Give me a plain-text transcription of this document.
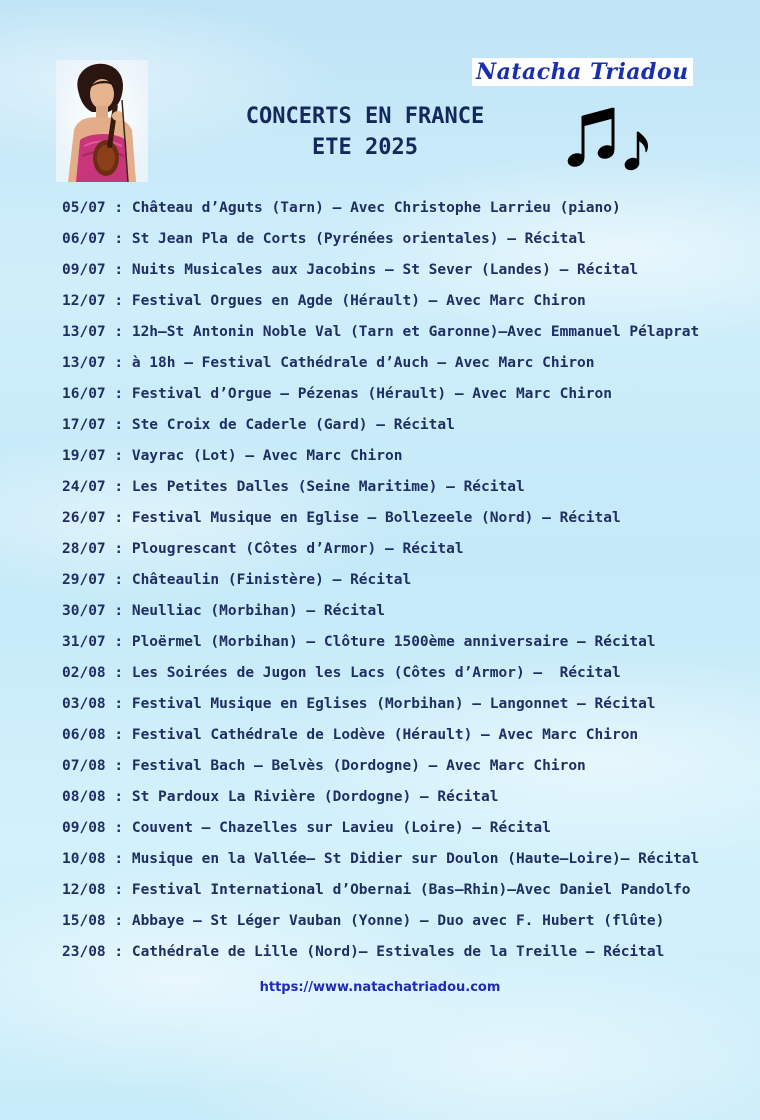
Natacha Triadou
CONCERTS EN FRANCE
ETE 2025
05/07 : Château d’Aguts (Tarn) – Avec Christophe Larrieu (piano)
06/07 : St Jean Pla de Corts (Pyrénées orientales) – Récital
09/07 : Nuits Musicales aux Jacobins – St Sever (Landes) – Récital
12/07 : Festival Orgues en Agde (Hérault) – Avec Marc Chiron
13/07 : 12h–St Antonin Noble Val (Tarn et Garonne)–Avec Emmanuel Pélaprat
13/07 : à 18h – Festival Cathédrale d’Auch – Avec Marc Chiron
16/07 : Festival d’Orgue – Pézenas (Hérault) – Avec Marc Chiron
17/07 : Ste Croix de Caderle (Gard) – Récital
19/07 : Vayrac (Lot) – Avec Marc Chiron
24/07 : Les Petites Dalles (Seine Maritime) – Récital
26/07 : Festival Musique en Eglise – Bollezeele (Nord) – Récital
28/07 : Plougrescant (Côtes d’Armor) – Récital
29/07 : Châteaulin (Finistère) – Récital
30/07 : Neulliac (Morbihan) – Récital
31/07 : Ploërmel (Morbihan) – Clôture 1500ème anniversaire – Récital
02/08 : Les Soirées de Jugon les Lacs (Côtes d’Armor) –  Récital
03/08 : Festival Musique en Eglises (Morbihan) – Langonnet – Récital
06/08 : Festival Cathédrale de Lodève (Hérault) – Avec Marc Chiron
07/08 : Festival Bach – Belvès (Dordogne) – Avec Marc Chiron
08/08 : St Pardoux La Rivière (Dordogne) – Récital
09/08 : Couvent – Chazelles sur Lavieu (Loire) – Récital
10/08 : Musique en la Vallée– St Didier sur Doulon (Haute–Loire)– Récital
12/08 : Festival International d’Obernai (Bas–Rhin)–Avec Daniel Pandolfo
15/08 : Abbaye – St Léger Vauban (Yonne) – Duo avec F. Hubert (flûte)
23/08 : Cathédrale de Lille (Nord)– Estivales de la Treille – Récital
https://www.natachatriadou.com
